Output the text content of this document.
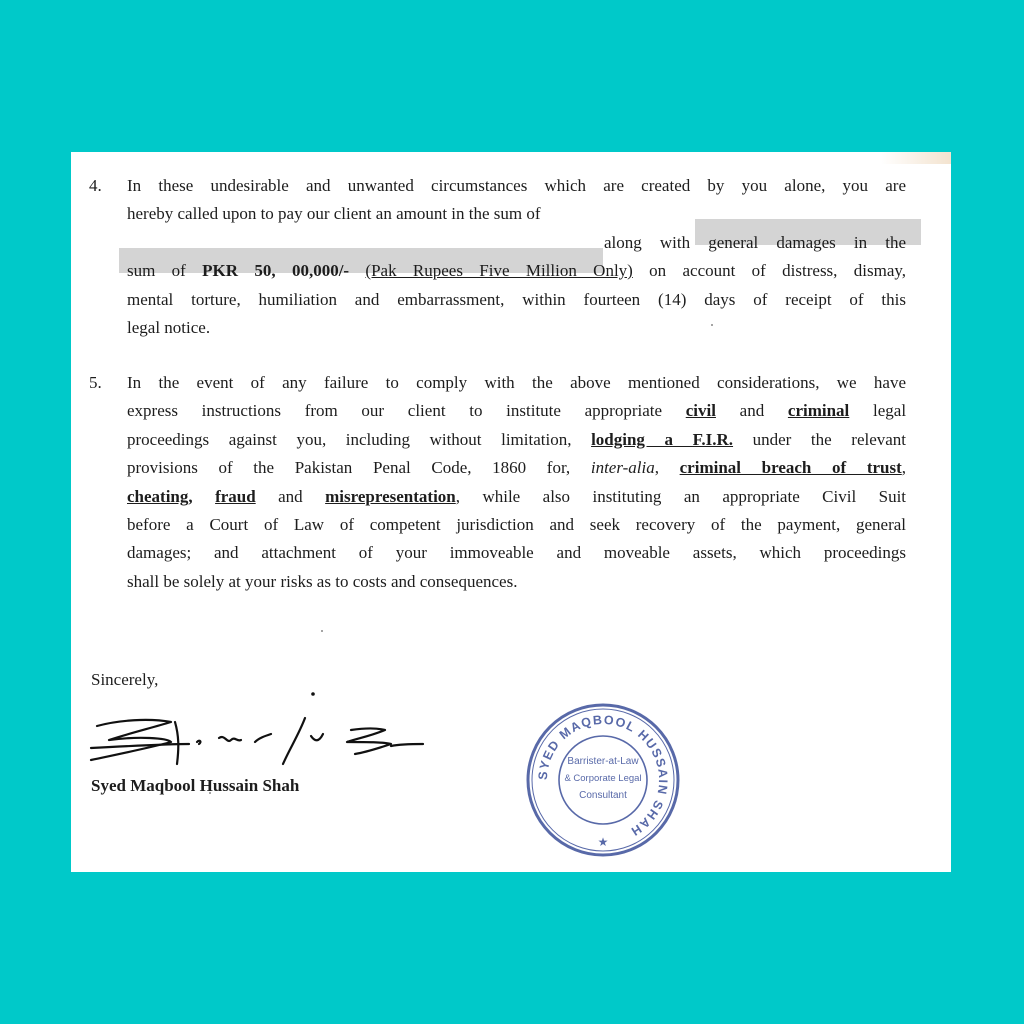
4. In these undesirable and unwanted circumstances which are created by you alone, you are
hereby called upon to pay our client an amount in the sum of
along with general damages in the
sum of PKR 50, 00,000/- (Pak Rupees Five Million Only) on account of distress, dismay,
mental torture, humiliation and embarrassment, within fourteen (14) days of receipt of this
legal notice.
5. In the event of any failure to comply with the above mentioned considerations, we have
express instructions from our client to institute appropriate civil and criminal legal
proceedings against you, including without limitation, lodging a F.I.R. under the relevant
provisions of the Pakistan Penal Code, 1860 for, inter-alia, criminal breach of trust,
cheating, fraud and misrepresentation, while also instituting an appropriate Civil Suit
before a Court of Law of competent jurisdiction and seek recovery of the payment, general
damages; and attachment of your immoveable and moveable assets, which proceedings
shall be solely at your risks as to costs and consequences.
Sincerely,
Syed Maqbool Hussain Shah
SYED MAQBOOL HUSSAIN SHAH
Barrister-at-Law
& Corporate Legal
Consultant
★
